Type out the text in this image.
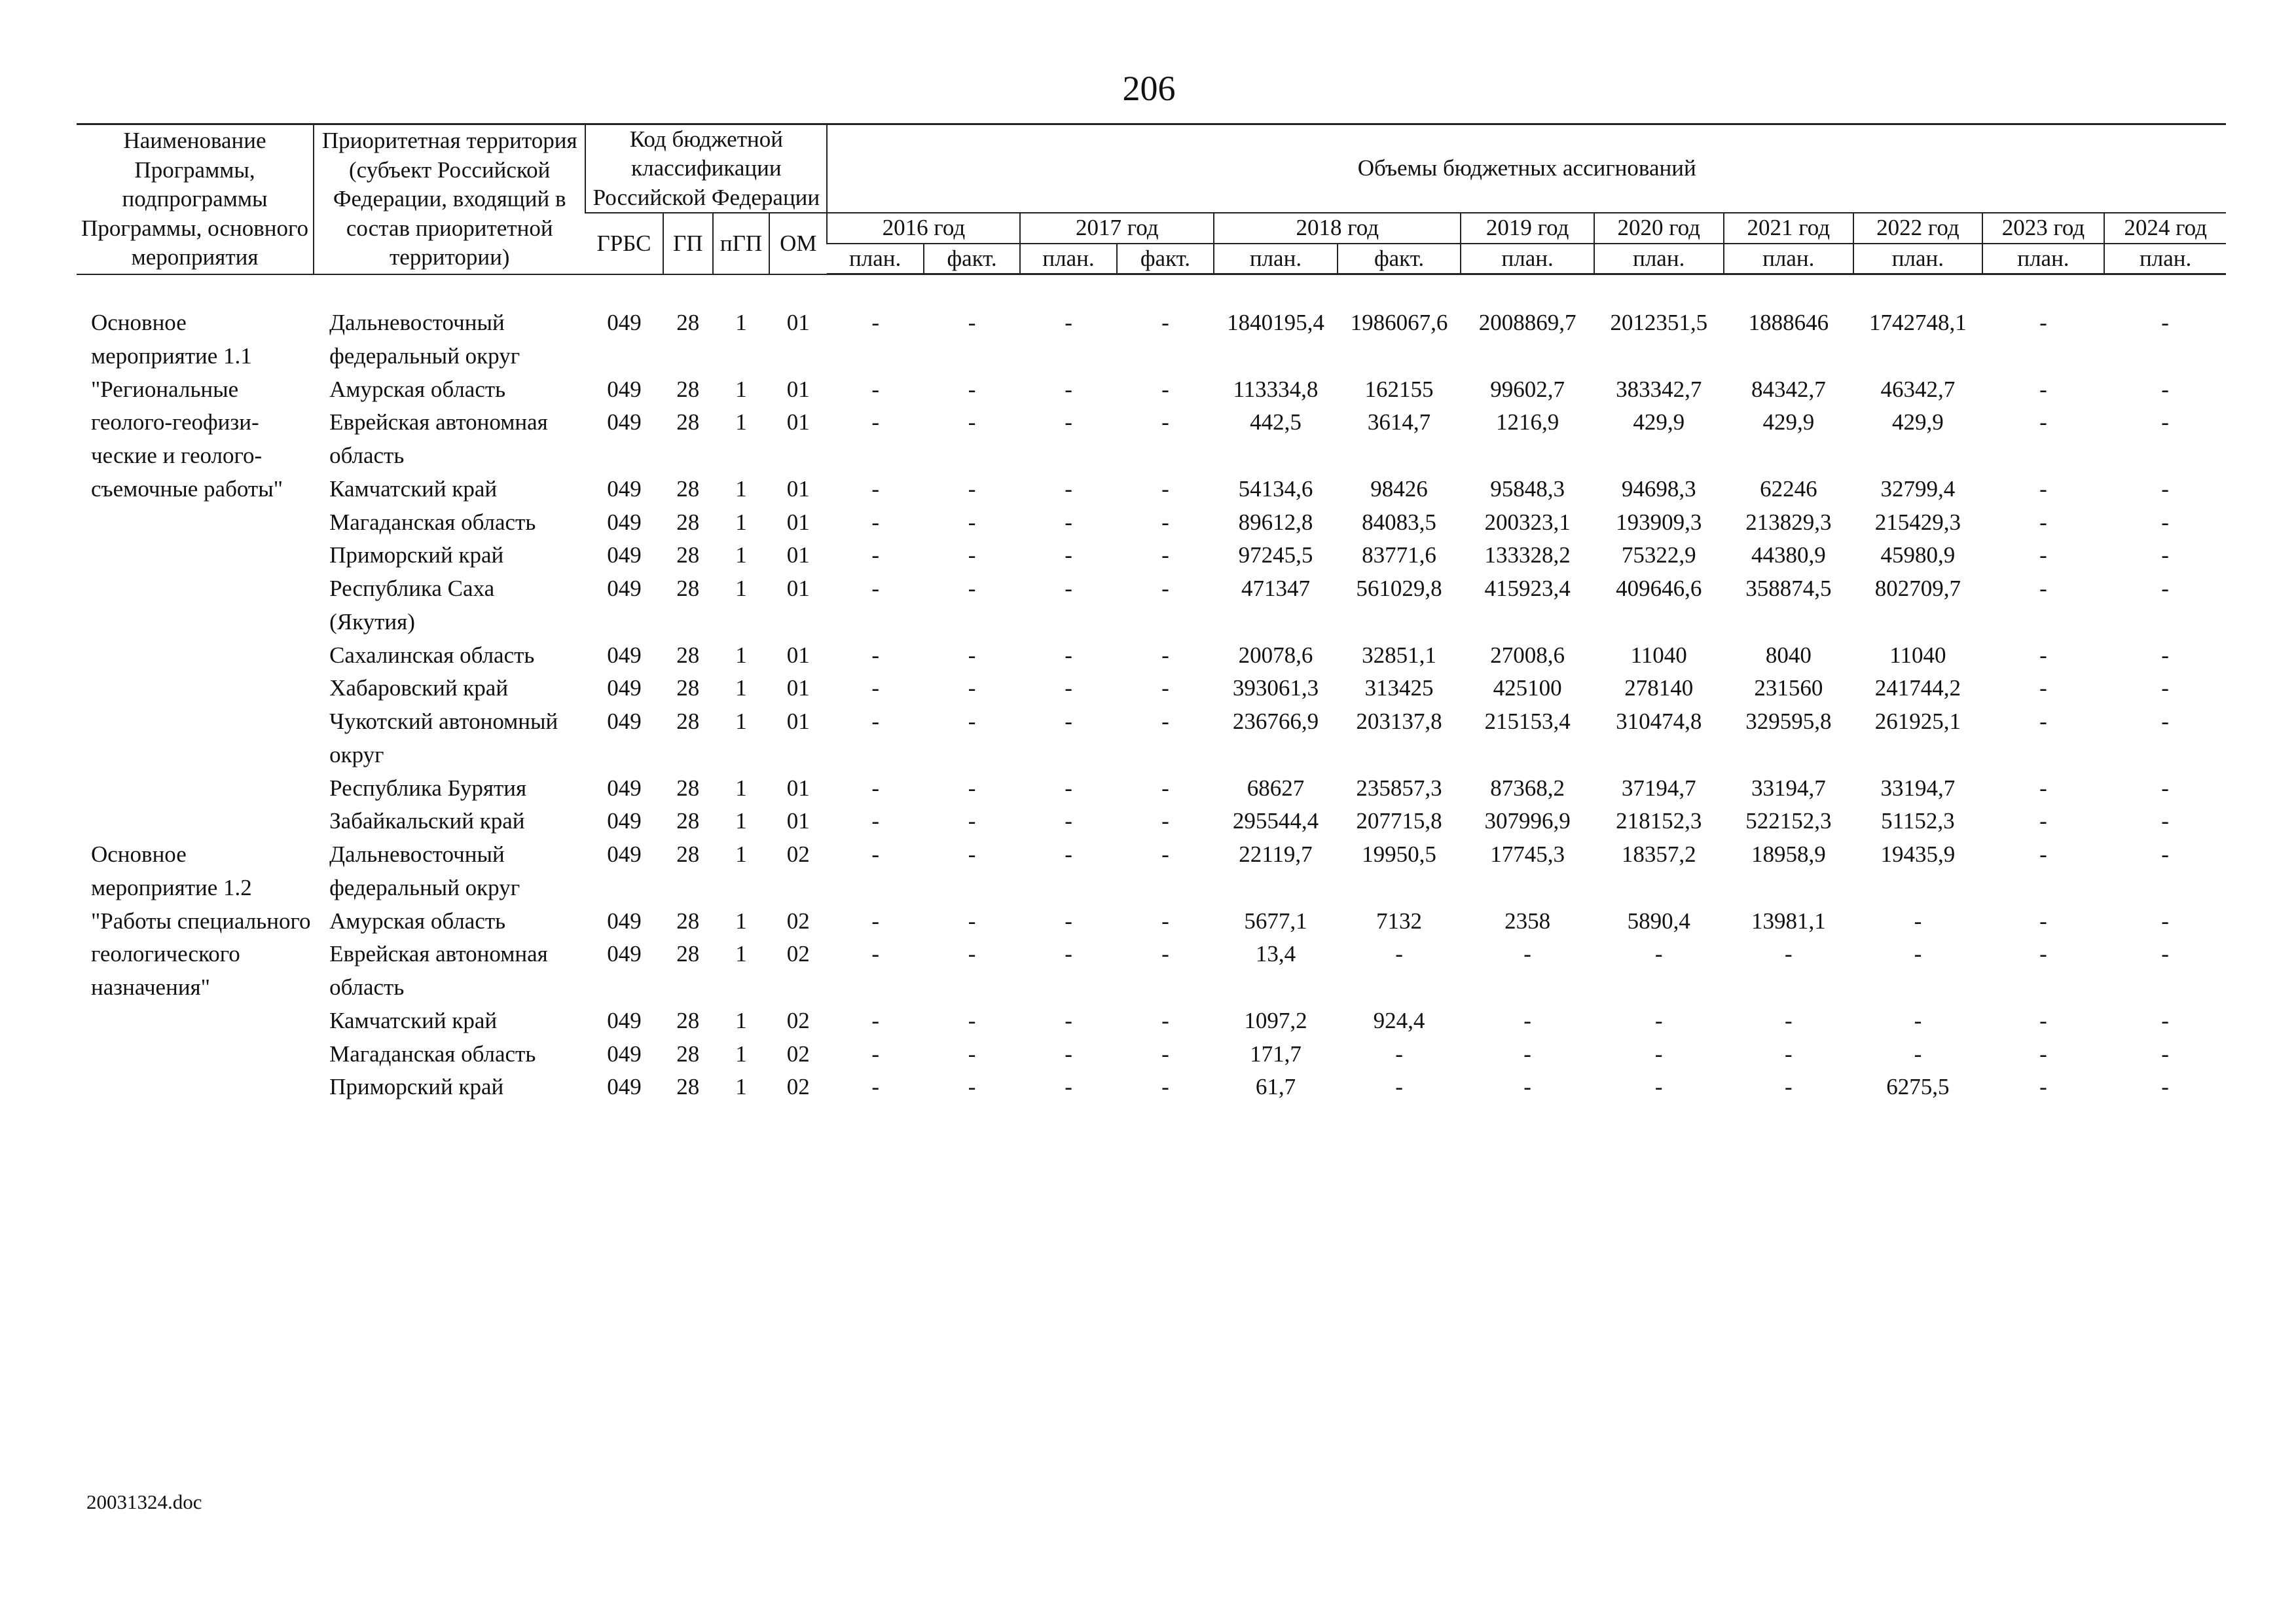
206
Наименование Программы, подпрограммы Программы, основного мероприятия	Приоритетная территория (субъект Российской Федерации, входящий в состав приоритетной территории)	Код бюджетной классификации Российской Федерации				Объемы бюджетных ассигнований											
		ГРБС	ГП	пГП	ОМ	2016 год		2017 год		2018 год		2019 год	2020 год	2021 год	2022 год	2023 год	2024 год
						план.	факт.	план.	факт.	план.	факт.	план.	план.	план.	план.	план.	план.

Основное мероприятие 1.1 "Региональные геолого-геофизи-ческие и геолого-съемочные работы"	Дальневосточный федеральный округ	049	28	1	01	-	-	-	-	1840195,4	1986067,6	2008869,7	2012351,5	1888646	1742748,1	-	-
	Амурская область	049	28	1	01	-	-	-	-	113334,8	162155	99602,7	383342,7	84342,7	46342,7	-	-
	Еврейская автономная область	049	28	1	01	-	-	-	-	442,5	3614,7	1216,9	429,9	429,9	429,9	-	-
	Камчатский край	049	28	1	01	-	-	-	-	54134,6	98426	95848,3	94698,3	62246	32799,4	-	-
	Магаданская область	049	28	1	01	-	-	-	-	89612,8	84083,5	200323,1	193909,3	213829,3	215429,3	-	-
	Приморский край	049	28	1	01	-	-	-	-	97245,5	83771,6	133328,2	75322,9	44380,9	45980,9	-	-
	Республика Саха (Якутия)	049	28	1	01	-	-	-	-	471347	561029,8	415923,4	409646,6	358874,5	802709,7	-	-
	Сахалинская область	049	28	1	01	-	-	-	-	20078,6	32851,1	27008,6	11040	8040	11040	-	-
	Хабаровский край	049	28	1	01	-	-	-	-	393061,3	313425	425100	278140	231560	241744,2	-	-
	Чукотский автономный округ	049	28	1	01	-	-	-	-	236766,9	203137,8	215153,4	310474,8	329595,8	261925,1	-	-
	Республика Бурятия	049	28	1	01	-	-	-	-	68627	235857,3	87368,2	37194,7	33194,7	33194,7	-	-
	Забайкальский край	049	28	1	01	-	-	-	-	295544,4	207715,8	307996,9	218152,3	522152,3	51152,3	-	-
Основное мероприятие 1.2 "Работы специального геологического назначения"	Дальневосточный федеральный округ	049	28	1	02	-	-	-	-	22119,7	19950,5	17745,3	18357,2	18958,9	19435,9	-	-
	Амурская область	049	28	1	02	-	-	-	-	5677,1	7132	2358	5890,4	13981,1	-	-	-
	Еврейская автономная область	049	28	1	02	-	-	-	-	13,4	-	-	-	-	-	-	-
	Камчатский край	049	28	1	02	-	-	-	-	1097,2	924,4	-	-	-	-	-	-
	Магаданская область	049	28	1	02	-	-	-	-	171,7	-	-	-	-	-	-	-
	Приморский край	049	28	1	02	-	-	-	-	61,7	-	-	-	-	6275,5	-	-
20031324.doc
